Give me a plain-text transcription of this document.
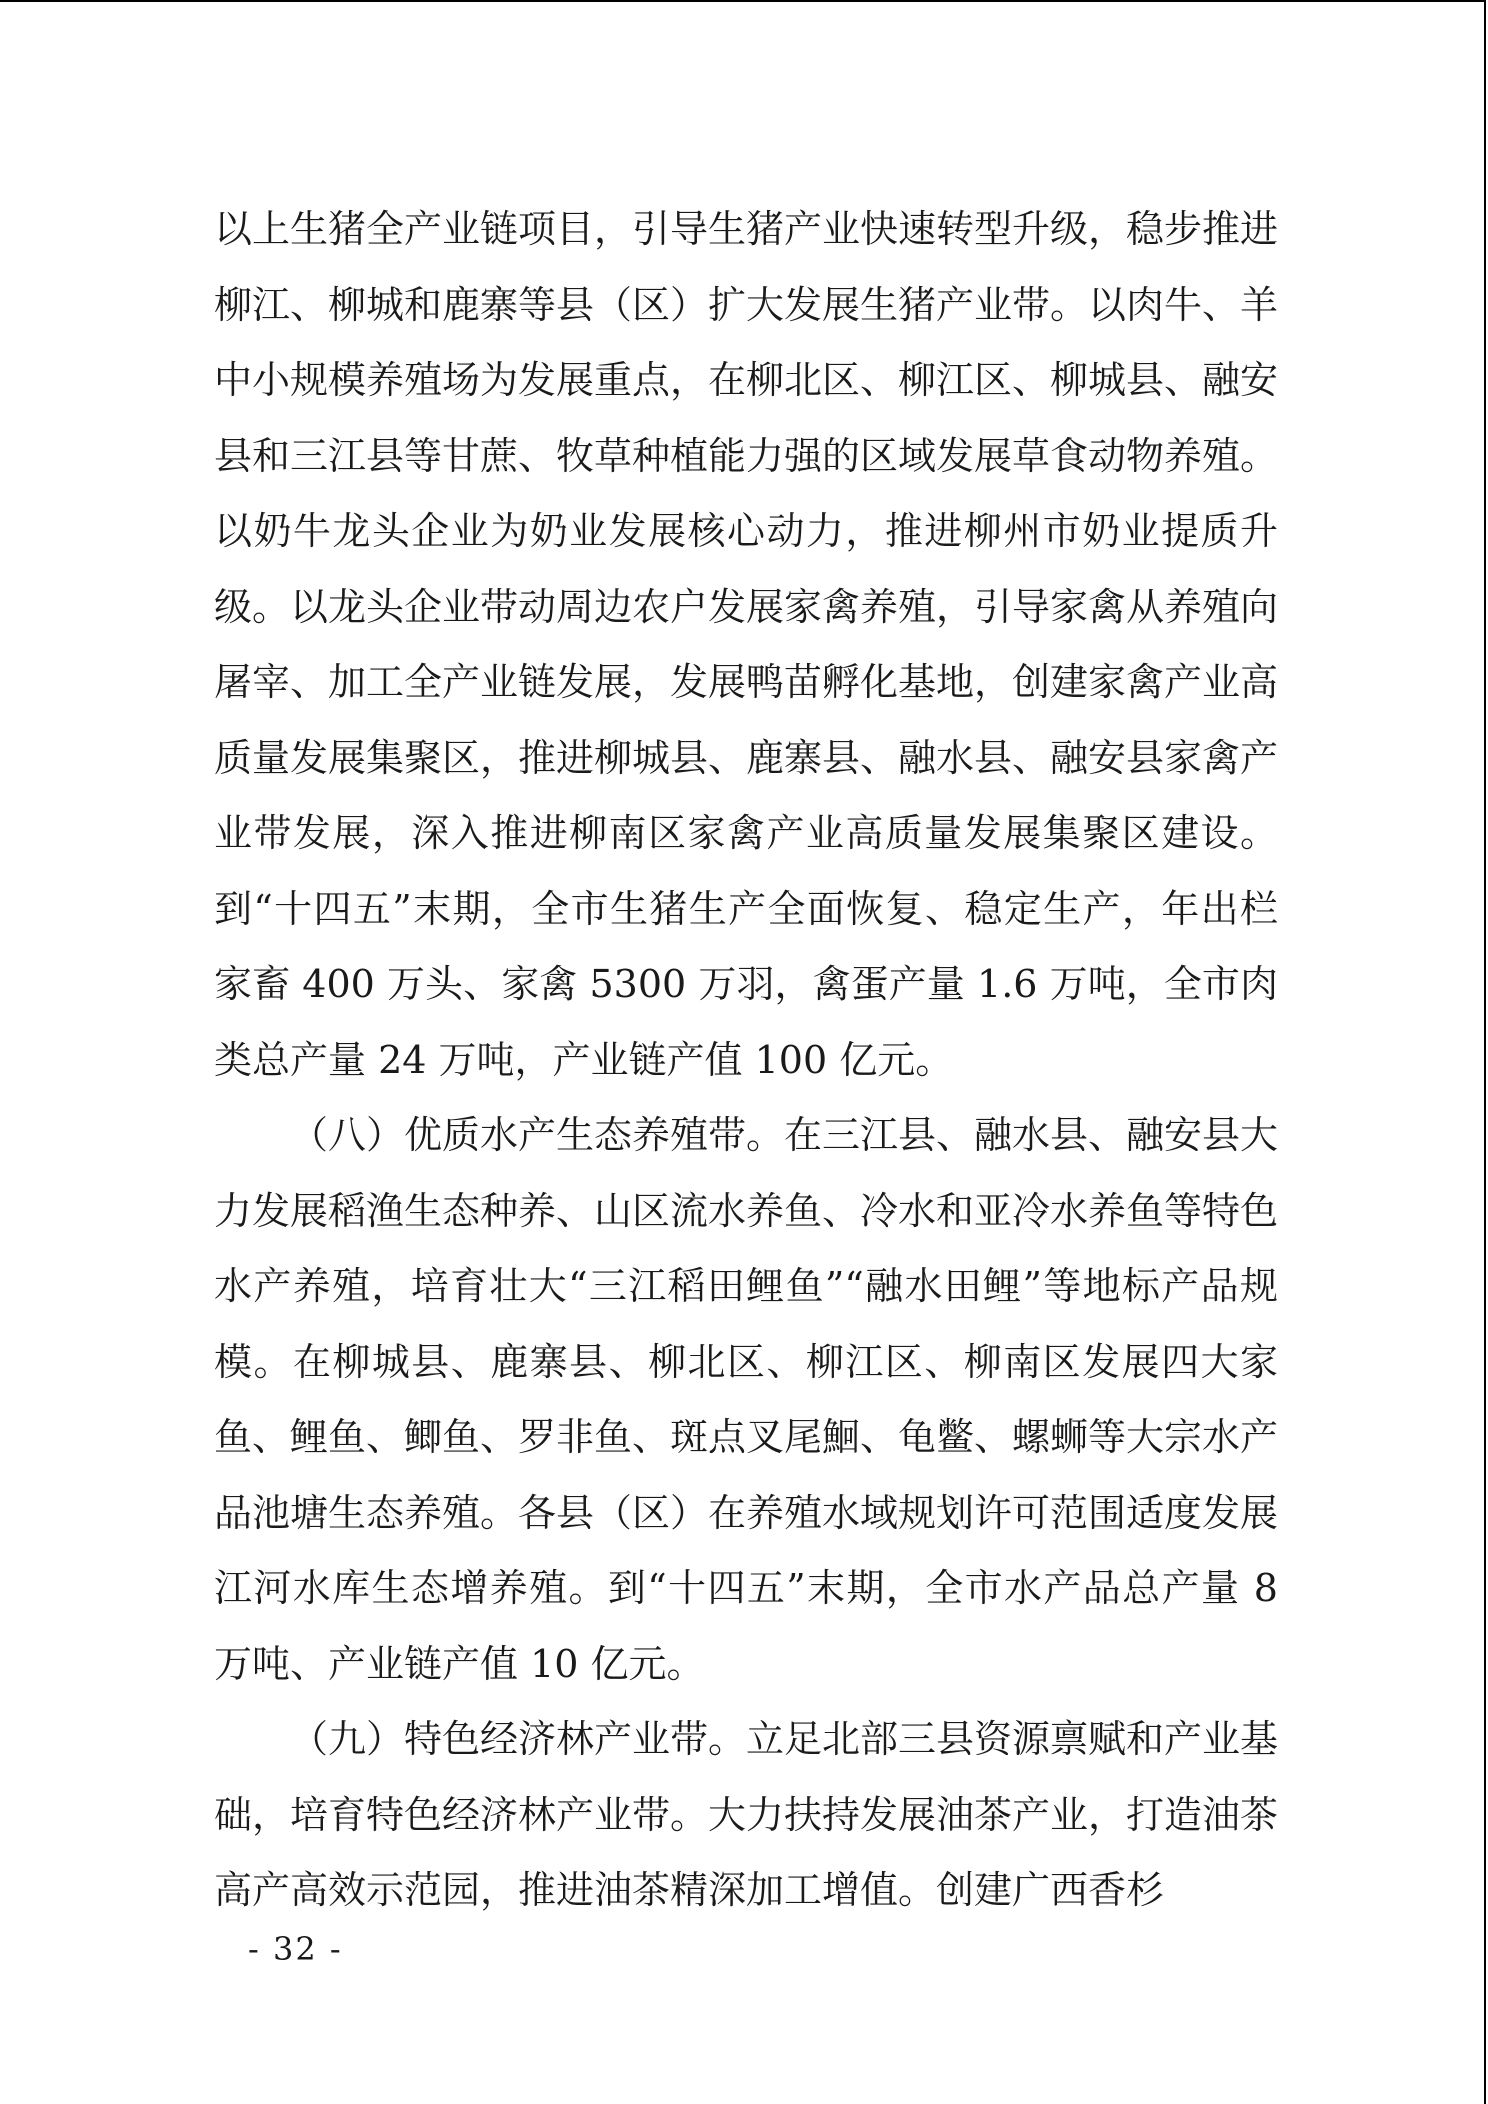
以上生猪全产业链项目，引导生猪产业快速转型升级，稳步推进柳江、柳城和鹿寨等县（区）扩大发展生猪产业带。以肉牛、羊中小规模养殖场为发展重点，在柳北区、柳江区、柳城县、融安县和三江县等甘蔗、牧草种植能力强的区域发展草食动物养殖。以奶牛龙头企业为奶业发展核心动力，推进柳州市奶业提质升级。以龙头企业带动周边农户发展家禽养殖，引导家禽从养殖向屠宰、加工全产业链发展，发展鸭苗孵化基地，创建家禽产业高质量发展集聚区，推进柳城县、鹿寨县、融水县、融安县家禽产业带发展，深入推进柳南区家禽产业高质量发展集聚区建设。到“十四五”末期，全市生猪生产全面恢复、稳定生产，年出栏家畜 400 万头、家禽 5300 万羽，禽蛋产量 1.6 万吨，全市肉类总产量 24 万吨，产业链产值 100 亿元。

（八）优质水产生态养殖带。在三江县、融水县、融安县大力发展稻渔生态种养、山区流水养鱼、冷水和亚冷水养鱼等特色水产养殖，培育壮大“三江稻田鲤鱼”“融水田鲤”等地标产品规模。在柳城县、鹿寨县、柳北区、柳江区、柳南区发展四大家鱼、鲤鱼、鲫鱼、罗非鱼、斑点叉尾鮰、龟鳖、螺蛳等大宗水产品池塘生态养殖。各县（区）在养殖水域规划许可范围适度发展江河水库生态增养殖。到“十四五”末期，全市水产品总产量 8 万吨、产业链产值 10 亿元。

（九）特色经济林产业带。立足北部三县资源禀赋和产业基础，培育特色经济林产业带。大力扶持发展油茶产业，打造油茶高产高效示范园，推进油茶精深加工增值。创建广西香杉

- 32 -
